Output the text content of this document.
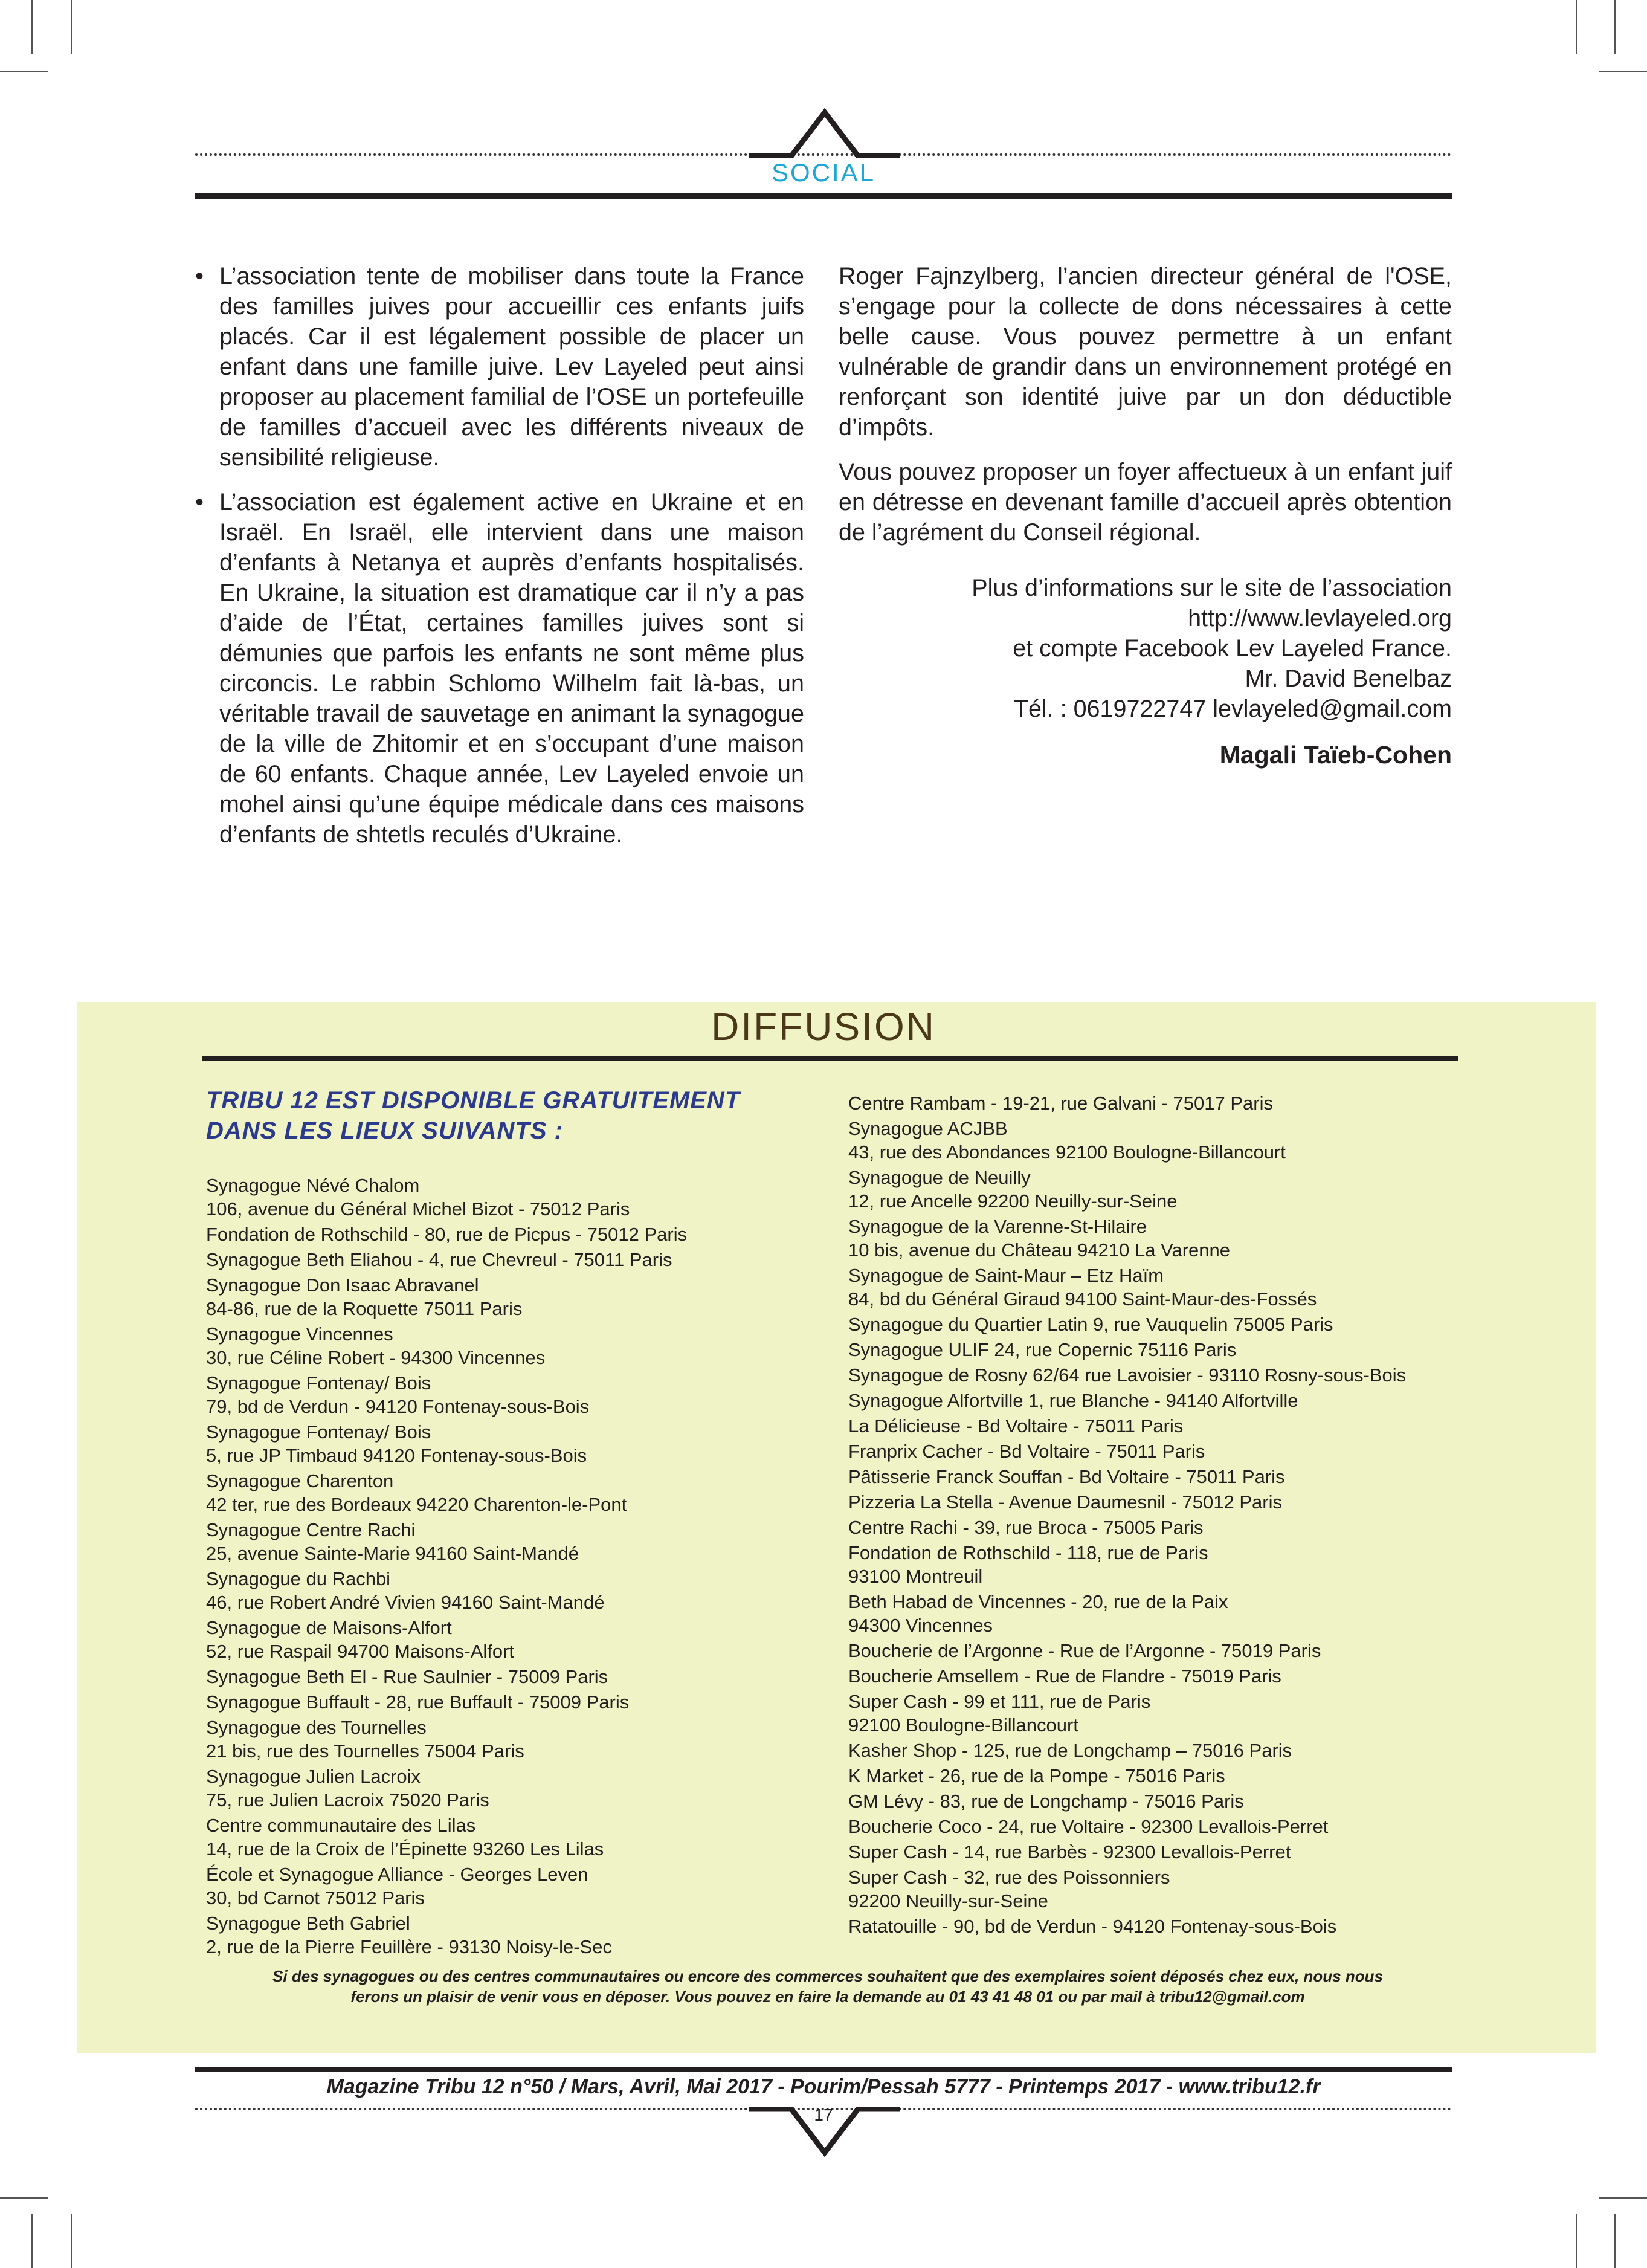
SOCIAL
• L’association tente de mobiliser dans toute la France des familles juives pour accueillir ces enfants juifs placés. Car il est légalement possible de placer un enfant dans une famille juive. Lev Layeled peut ainsi proposer au placement familial de l’OSE un portefeuille de familles d’accueil avec les différents niveaux de sensibilité religieuse.
• L’association est également active en Ukraine et en Israël. En Israël, elle intervient dans une maison d’enfants à Netanya et auprès d’enfants hospitalisés. En Ukraine, la situation est dramatique car il n’y a pas d’aide de l’État, certaines familles juives sont si démunies que parfois les enfants ne sont même plus circoncis. Le rabbin Schlomo Wilhelm fait là-bas, un véritable travail de sauvetage en animant la synagogue de la ville de Zhitomir et en s’occupant d’une maison de 60 enfants. Chaque année, Lev Layeled envoie un mohel ainsi qu’une équipe médicale dans ces maisons d’enfants de shtetls reculés d’Ukraine.

Roger Fajnzylberg, l’ancien directeur général de l'OSE, s’engage pour la collecte de dons nécessaires à cette belle cause. Vous pouvez permettre à un enfant vulnérable de grandir dans un environnement protégé en renforçant son identité juive par un don déductible d’impôts.

Vous pouvez proposer un foyer affectueux à un enfant juif en détresse en devenant famille d’accueil après obtention de l’agrément du Conseil régional.

Plus d’informations sur le site de l’association
http://www.levlayeled.org
et compte Facebook Lev Layeled France.
Mr. David Benelbaz
Tél. : 0619722747 levlayeled@gmail.com
Magali Taïeb-Cohen
DIFFUSION
TRIBU 12 EST DISPONIBLE GRATUITEMENT
DANS LES LIEUX SUIVANTS :
Synagogue Névé Chalom
106, avenue du Général Michel Bizot - 75012 Paris
Fondation de Rothschild - 80, rue de Picpus - 75012 Paris
Synagogue Beth Eliahou - 4, rue Chevreul - 75011 Paris
Synagogue Don Isaac Abravanel
84-86, rue de la Roquette 75011 Paris
Synagogue Vincennes
30, rue Céline Robert - 94300 Vincennes
Synagogue Fontenay/ Bois
79, bd de Verdun - 94120 Fontenay-sous-Bois
Synagogue Fontenay/ Bois
5, rue JP Timbaud 94120 Fontenay-sous-Bois
Synagogue Charenton
42 ter, rue des Bordeaux 94220 Charenton-le-Pont
Synagogue Centre Rachi
25, avenue Sainte-Marie 94160 Saint-Mandé
Synagogue du Rachbi
46, rue Robert André Vivien 94160 Saint-Mandé
Synagogue de Maisons-Alfort
52, rue Raspail 94700 Maisons-Alfort
Synagogue Beth El - Rue Saulnier - 75009 Paris
Synagogue Buffault - 28, rue Buffault - 75009 Paris
Synagogue des Tournelles
21 bis, rue des Tournelles 75004 Paris
Synagogue Julien Lacroix
75, rue Julien Lacroix 75020 Paris
Centre communautaire des Lilas
14, rue de la Croix de l’Épinette 93260 Les Lilas
École et Synagogue Alliance - Georges Leven
30, bd Carnot 75012 Paris
Synagogue Beth Gabriel
2, rue de la Pierre Feuillère - 93130 Noisy-le-Sec
Centre Rambam - 19-21, rue Galvani - 75017 Paris
Synagogue ACJBB
43, rue des Abondances 92100 Boulogne-Billancourt
Synagogue de Neuilly
12, rue Ancelle 92200 Neuilly-sur-Seine
Synagogue de la Varenne-St-Hilaire
10 bis, avenue du Château 94210 La Varenne
Synagogue de Saint-Maur – Etz Haïm
84, bd du Général Giraud 94100 Saint-Maur-des-Fossés
Synagogue du Quartier Latin 9, rue Vauquelin 75005 Paris
Synagogue ULIF 24, rue Copernic 75116 Paris
Synagogue de Rosny 62/64 rue Lavoisier - 93110 Rosny-sous-Bois
Synagogue Alfortville 1, rue Blanche - 94140 Alfortville
La Délicieuse - Bd Voltaire - 75011 Paris
Franprix Cacher - Bd Voltaire - 75011 Paris
Pâtisserie Franck Souffan - Bd Voltaire - 75011 Paris
Pizzeria La Stella - Avenue Daumesnil - 75012 Paris
Centre Rachi - 39, rue Broca - 75005 Paris
Fondation de Rothschild - 118, rue de Paris
93100 Montreuil
Beth Habad de Vincennes - 20, rue de la Paix
94300 Vincennes
Boucherie de l’Argonne - Rue de l’Argonne - 75019 Paris
Boucherie Amsellem - Rue de Flandre - 75019 Paris
Super Cash - 99 et 111, rue de Paris
92100 Boulogne-Billancourt
Kasher Shop - 125, rue de Longchamp – 75016 Paris
K Market - 26, rue de la Pompe - 75016 Paris
GM Lévy - 83, rue de Longchamp - 75016 Paris
Boucherie Coco - 24, rue Voltaire - 92300 Levallois-Perret
Super Cash - 14, rue Barbès - 92300 Levallois-Perret
Super Cash - 32, rue des Poissonniers
92200 Neuilly-sur-Seine
Ratatouille - 90, bd de Verdun - 94120 Fontenay-sous-Bois
Si des synagogues ou des centres communautaires ou encore des commerces souhaitent que des exemplaires soient déposés chez eux, nous nous
ferons un plaisir de venir vous en déposer. Vous pouvez en faire la demande au 01 43 41 48 01 ou par mail à tribu12@gmail.com
Magazine Tribu 12 n°50 / Mars, Avril, Mai 2017 - Pourim/Pessah 5777 - Printemps 2017 - www.tribu12.fr
17
